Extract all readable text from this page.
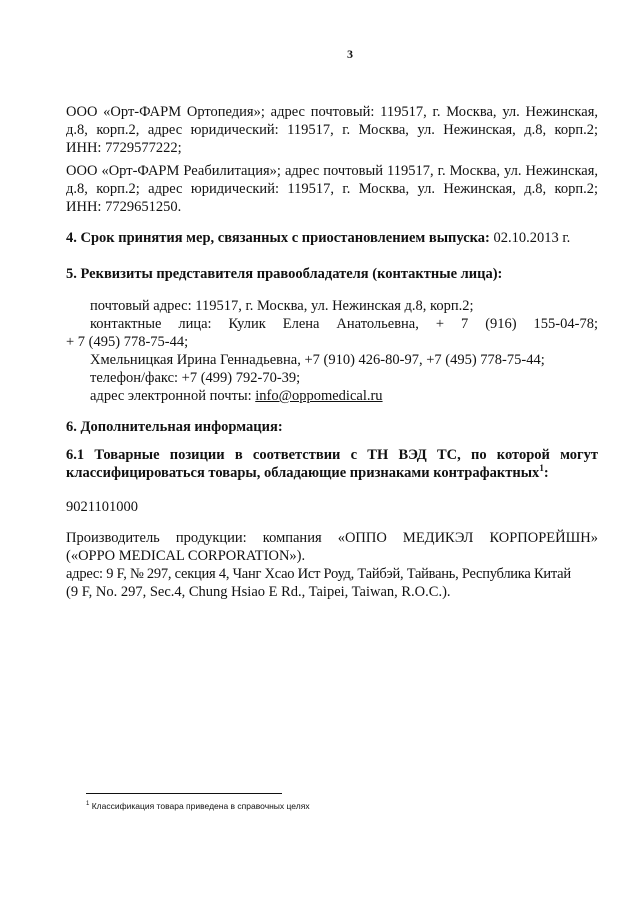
3
ООО «Орт-ФАРМ Ортопедия»; адрес почтовый: 119517, г. Москва, ул. Нежинская,
д.8, корп.2, адрес юридический: 119517, г. Москва, ул. Нежинская, д.8, корп.2;
ИНН: 7729577222;
ООО «Орт-ФАРМ Реабилитация»; адрес почтовый 119517, г. Москва, ул. Нежинская,
д.8, корп.2; адрес юридический: 119517, г. Москва, ул. Нежинская, д.8, корп.2;
ИНН: 7729651250.
4. Срок принятия мер, связанных с приостановлением выпуска: 02.10.2013 г.
5. Реквизиты представителя правообладателя (контактные лица):
почтовый адрес: 119517, г. Москва, ул. Нежинская д.8, корп.2;
контактные лица: Кулик Елена Анатольевна, + 7 (916) 155-04-78;
+ 7 (495) 778-75-44;
Хмельницкая Ирина Геннадьевна, +7 (910) 426-80-97, +7 (495) 778-75-44;
телефон/факс: +7 (499) 792-70-39;
адрес электронной почты: info@oppomedical.ru
6. Дополнительная информация:
6.1 Товарные позиции в соответствии с ТН ВЭД ТС, по которой могут
классифицироваться товары, обладающие признаками контрафактных$^1$:
9021101000
Производитель продукции: компания «ОППО МЕДИКЭЛ КОРПОРЕЙШН»
(«OPPO MEDICAL CORPORATION»).
адрес: 9 F, № 297, секция 4, Чанг Хсао Ист Роуд, Тайбэй, Тайвань, Республика Китай
(9 F, No. 297, Sec.4, Chung Hsiao E Rd., Taipei, Taiwan, R.O.C.).
$^1$ Классификация товара приведена в справочных целях
